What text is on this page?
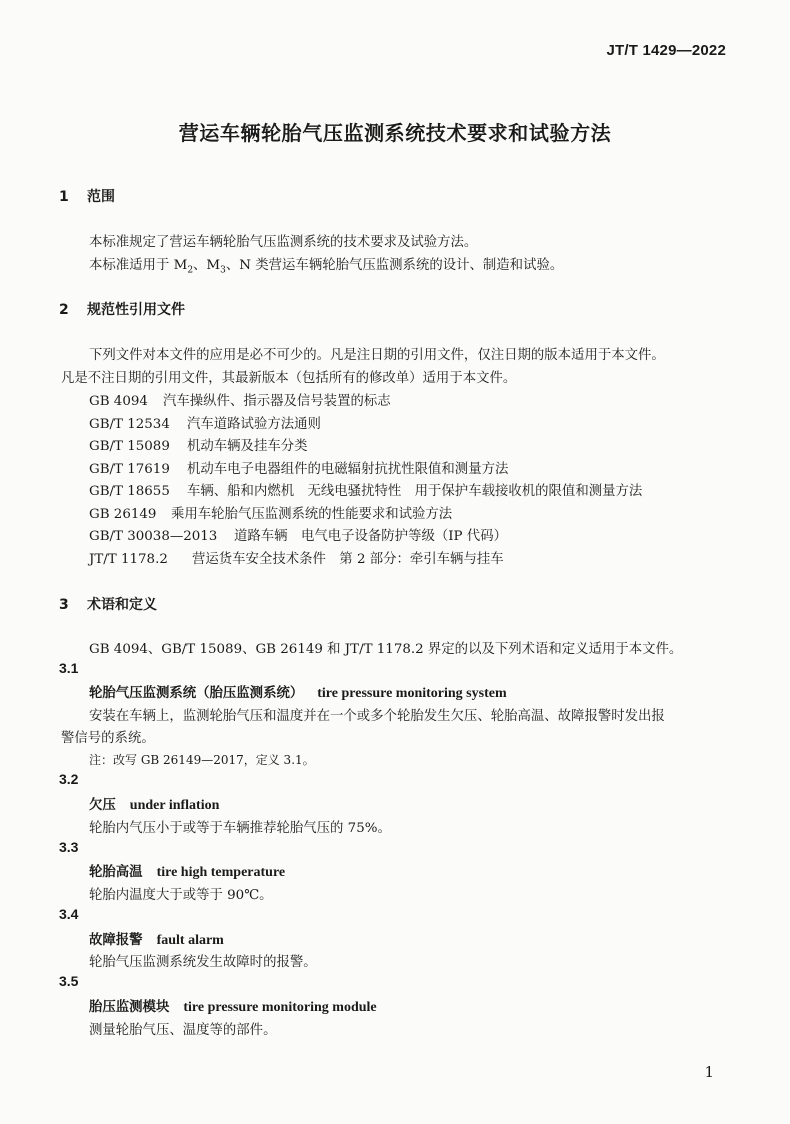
JT/T 1429—2022
营运车辆轮胎气压监测系统技术要求和试验方法
1 范围
本标准规定了营运车辆轮胎气压监测系统的技术要求及试验方法。
本标准适用于 $M_2$、$M_3$、N 类营运车辆轮胎气压监测系统的设计、制造和试验。
2 规范性引用文件
下列文件对本文件的应用是必不可少的。凡是注日期的引用文件，仅注日期的版本适用于本文件。
凡是不注日期的引用文件，其最新版本（包括所有的修改单）适用于本文件。
GB 4094 汽车操纵件、指示器及信号装置的标志
GB/T 12534 汽车道路试验方法通则
GB/T 15089 机动车辆及挂车分类
GB/T 17619 机动车电子电器组件的电磁辐射抗扰性限值和测量方法
GB/T 18655 车辆、船和内燃机　无线电骚扰特性　用于保护车载接收机的限值和测量方法
GB 26149 乘用车轮胎气压监测系统的性能要求和试验方法
GB/T 30038—2013 道路车辆　电气电子设备防护等级（IP 代码）
JT/T 1178.2 营运货车安全技术条件　第 2 部分：牵引车辆与挂车
3 术语和定义
GB 4094、GB/T 15089、GB 26149 和 JT/T 1178.2 界定的以及下列术语和定义适用于本文件。
3.1
轮胎气压监测系统（胎压监测系统） tire pressure monitoring system
安装在车辆上，监测轮胎气压和温度并在一个或多个轮胎发生欠压、轮胎高温、故障报警时发出报
警信号的系统。
注：改写 GB 26149—2017，定义 3.1。
3.2
欠压 under inflation
轮胎内气压小于或等于车辆推荐轮胎气压的 75%。
3.3
轮胎高温 tire high temperature
轮胎内温度大于或等于 90℃。
3.4
故障报警 fault alarm
轮胎气压监测系统发生故障时的报警。
3.5
胎压监测模块 tire pressure monitoring module
测量轮胎气压、温度等的部件。
1
